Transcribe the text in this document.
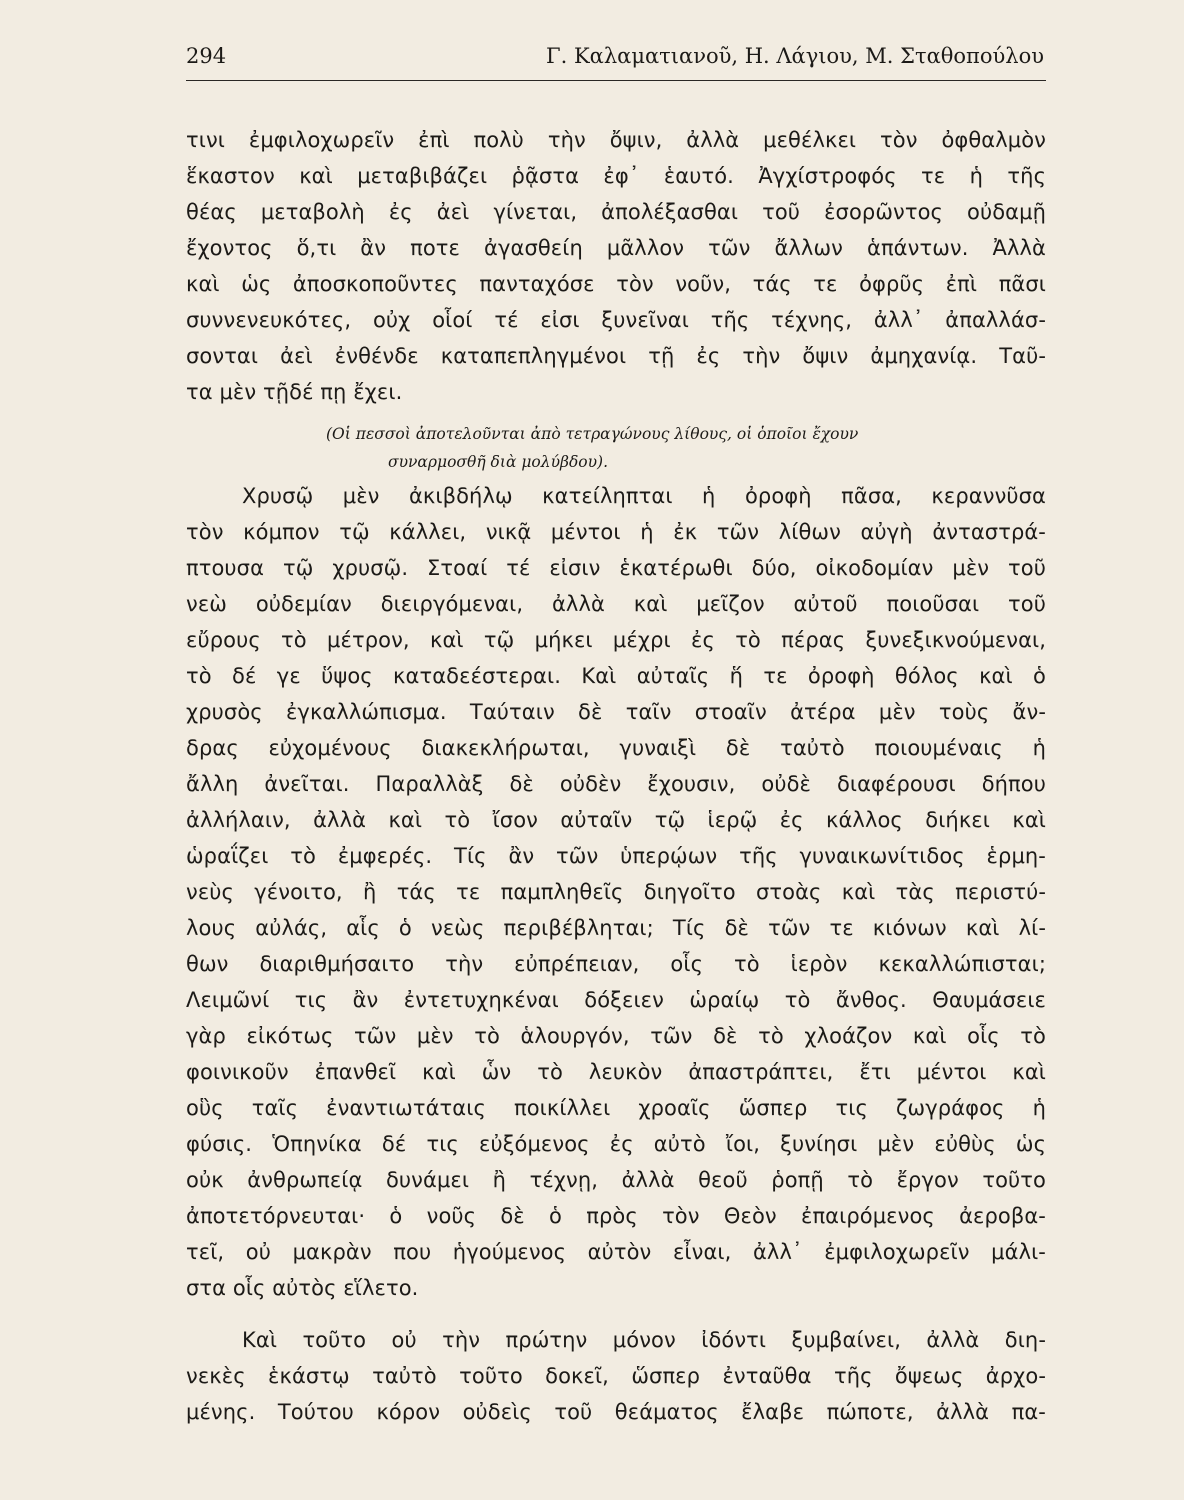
294	Γ. Καλαματιανοῦ, Η. Λάγιου, Μ. Σταθοπούλου
τινι ἐμφιλοχωρεῖν ἐπὶ πολὺ τὴν ὄψιν, ἀλλὰ μεθέλκει τὸν ὀφθαλμὸν
ἕκαστον καὶ μεταβιβάζει ῥᾷστα ἐφ᾽ ἑαυτό. Ἀγχίστροφός τε ἡ τῆς
θέας μεταβολὴ ἐς ἀεὶ γίνεται, ἀπολέξασθαι τοῦ ἐσορῶντος οὐδαμῇ
ἔχοντος ὅ,τι ἂν ποτε ἀγασθείη μᾶλλον τῶν ἄλλων ἁπάντων. Ἀλλὰ
καὶ ὡς ἀποσκοποῦντες πανταχόσε τὸν νοῦν, τάς τε ὀφρῦς ἐπὶ πᾶσι
συννενευκότες, οὐχ οἷοί τέ εἰσι ξυνεῖναι τῆς τέχνης, ἀλλ᾽ ἀπαλλάσ-
σονται ἀεὶ ἐνθένδε καταπεπληγμένοι τῇ ἐς τὴν ὄψιν ἀμηχανίᾳ. Ταῦ-
τα μὲν τῇδέ πῃ ἔχει.
(Οἱ πεσσοὶ ἀποτελοῦνται ἀπὸ τετραγώνους λίθους, οἱ ὁποῖοι ἔχουν
συναρμοσθῆ διὰ μολύβδου).
Χρυσῷ μὲν ἀκιβδήλῳ κατείληπται ἡ ὀροφὴ πᾶσα, κεραννῦσα
τὸν κόμπον τῷ κάλλει, νικᾷ μέντοι ἡ ἐκ τῶν λίθων αὐγὴ ἀνταστρά-
πτουσα τῷ χρυσῷ. Στοαί τέ εἰσιν ἑκατέρωθι δύο, οἰκοδομίαν μὲν τοῦ
νεὼ οὐδεμίαν διειργόμεναι, ἀλλὰ καὶ μεῖζον αὐτοῦ ποιοῦσαι τοῦ
εὔρους τὸ μέτρον, καὶ τῷ μήκει μέχρι ἐς τὸ πέρας ξυνεξικνούμεναι,
τὸ δέ γε ὕψος καταδεέστεραι. Καὶ αὐταῖς ἥ τε ὀροφὴ θόλος καὶ ὁ
χρυσὸς ἐγκαλλώπισμα. Ταύταιν δὲ ταῖν στοαῖν ἀτέρα μὲν τοὺς ἄν-
δρας εὐχομένους διακεκλήρωται, γυναιξὶ δὲ ταὐτὸ ποιουμέναις ἡ
ἄλλη ἀνεῖται. Παραλλὰξ δὲ οὐδὲν ἔχουσιν, οὐδὲ διαφέρουσι δήπου
ἀλλήλαιν, ἀλλὰ καὶ τὸ ἴσον αὐταῖν τῷ ἱερῷ ἐς κάλλος διήκει καὶ
ὡραΐζει τὸ ἐμφερές. Τίς ἂν τῶν ὑπερῴων τῆς γυναικωνίτιδος ἑρμη-
νεὺς γένοιτο, ἢ τάς τε παμπληθεῖς διηγοῖτο στοὰς καὶ τὰς περιστύ-
λους αὐλάς, αἷς ὁ νεὼς περιβέβληται; Τίς δὲ τῶν τε κιόνων καὶ λί-
θων διαριθμήσαιτο τὴν εὐπρέπειαν, οἷς τὸ ἱερὸν κεκαλλώπισται;
Λειμῶνί τις ἂν ἐντετυχηκέναι δόξειεν ὡραίῳ τὸ ἄνθος. Θαυμάσειε
γὰρ εἰκότως τῶν μὲν τὸ ἁλουργόν, τῶν δὲ τὸ χλοάζον καὶ οἷς τὸ
φοινικοῦν ἐπανθεῖ καὶ ὧν τὸ λευκὸν ἀπαστράπτει, ἔτι μέντοι καὶ
οὓς ταῖς ἐναντιωτάταις ποικίλλει χροαῖς ὥσπερ τις ζωγράφος ἡ
φύσις. Ὁπηνίκα δέ τις εὐξόμενος ἐς αὐτὸ ἴοι, ξυνίησι μὲν εὐθὺς ὡς
οὐκ ἀνθρωπείᾳ δυνάμει ἢ τέχνῃ, ἀλλὰ θεοῦ ῥοπῇ τὸ ἔργον τοῦτο
ἀποτετόρνευται· ὁ νοῦς δὲ ὁ πρὸς τὸν Θεὸν ἐπαιρόμενος ἀεροβα-
τεῖ, οὐ μακρὰν που ἡγούμενος αὐτὸν εἶναι, ἀλλ᾽ ἐμφιλοχωρεῖν μάλι-
στα οἷς αὐτὸς εἵλετο.
Καὶ τοῦτο οὐ τὴν πρώτην μόνον ἰδόντι ξυμβαίνει, ἀλλὰ διη-
νεκὲς ἑκάστῳ ταὐτὸ τοῦτο δοκεῖ, ὥσπερ ἐνταῦθα τῆς ὄψεως ἀρχο-
μένης. Τούτου κόρον οὐδεὶς τοῦ θεάματος ἔλαβε πώποτε, ἀλλὰ πα-
